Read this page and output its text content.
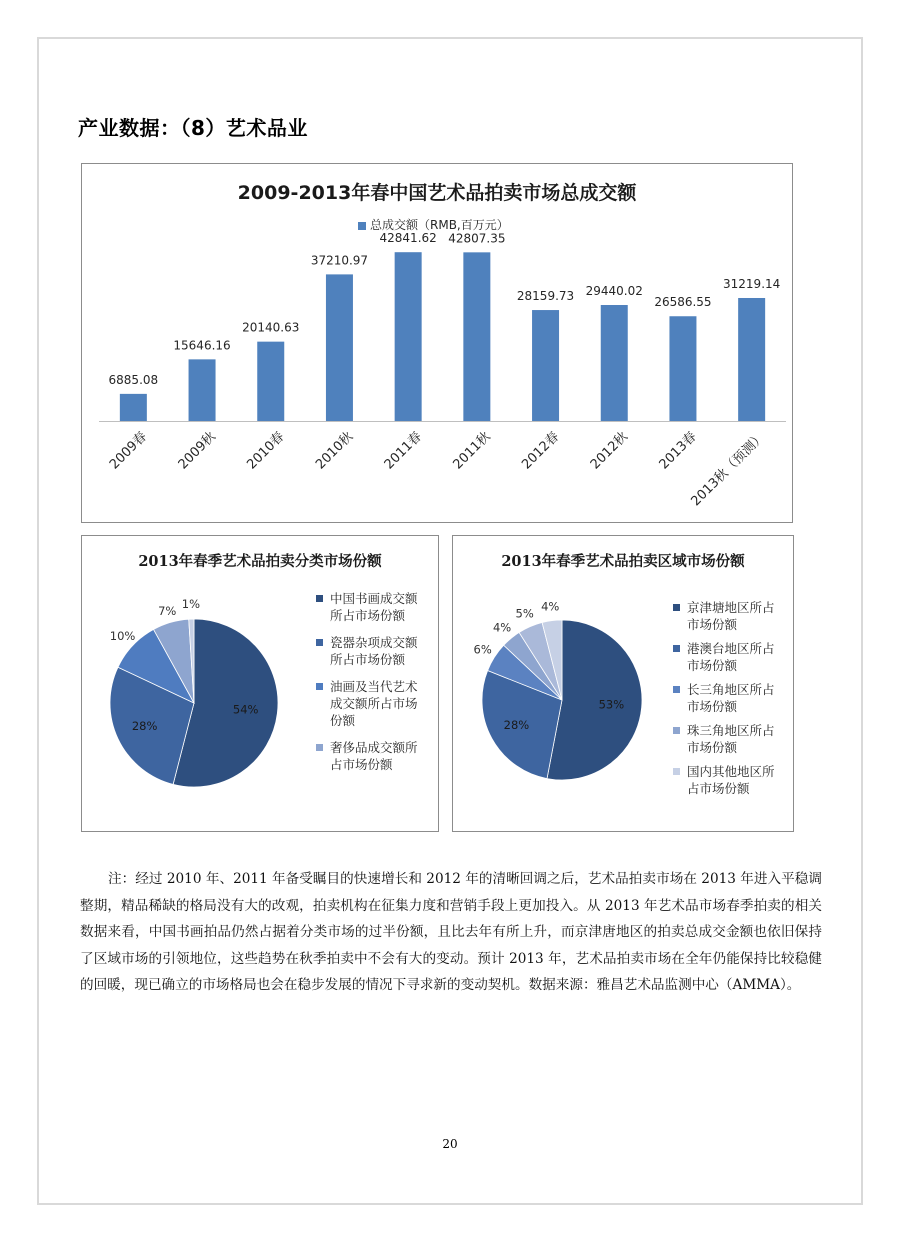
产业数据：（8）艺术品业
2009-2013年春中国艺术品拍卖市场总成交额
总成交额（RMB,百万元）
6885.08
2009春
15646.16
2009秋
20140.63
2010春
37210.97
2010秋
42841.62
2011春
42807.35
2011秋
28159.73
2012春
29440.02
2012秋
26586.55
2013春
31219.14
2013秋（预测）
2013年春季艺术品拍卖分类市场份额
54%
28%
10%
7% 1%	中国书画成交额
所占市场份额
瓷器杂项成交额
所占市场份额
油画及当代艺术
成交额所占市场
份额
奢侈品成交额所
占市场份额
2013年春季艺术品拍卖区域市场份额
53%
28%
6%
4%
5% 4%	京津塘地区所占
市场份额
港澳台地区所占
市场份额
长三角地区所占
市场份额
珠三角地区所占
市场份额
国内其他地区所
占市场份额

注：经过 2010 年、2011 年备受瞩目的快速增长和 2012 年的清晰回调之后，艺术品拍卖市场在 2013 年进入平稳调整期，精品稀缺的格局没有大的改观，拍卖机构在征集力度和营销手段上更加投入。从 2013 年艺术品市场春季拍卖的相关数据来看，中国书画拍品仍然占据着分类市场的过半份额，且比去年有所上升，而京津唐地区的拍卖总成交金额也依旧保持了区域市场的引领地位，这些趋势在秋季拍卖中不会有大的变动。预计 2013 年，艺术品拍卖市场在全年仍能保持比较稳健的回暖，现已确立的市场格局也会在稳步发展的情况下寻求新的变动契机。数据来源：雅昌艺术品监测中心（AMMA）。

20
